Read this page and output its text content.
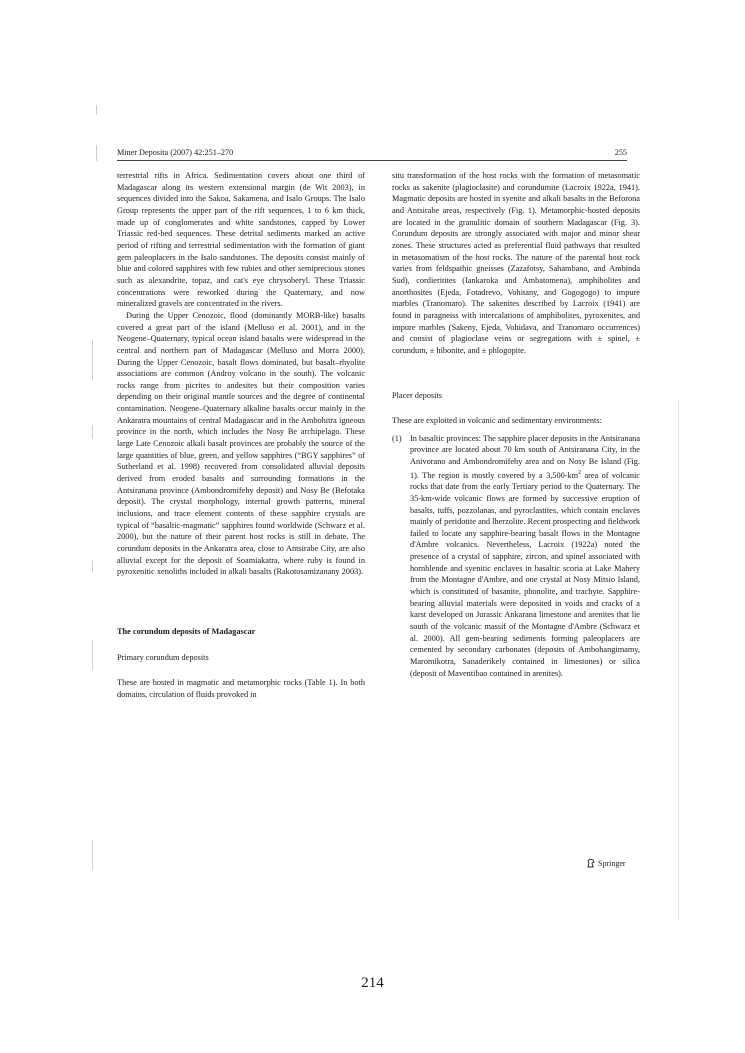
Miner Deposita (2007) 42:251–270	255

terrestrial rifts in Africa. Sedimentation covers about one third of Madagascar along its western extensional margin (de Wit 2003), in sequences divided into the Sakoa, Sakamena, and Isalo Groups. The Isalo Group represents the upper part of the rift sequences, 1 to 6 km thick, made up of conglomerates and white sandstones, capped by Lower Triassic red-bed sequences. These detrital sediments marked an active period of rifting and terrestrial sedimentation with the formation of giant gem paleoplacers in the Isalo sandstones. The deposits consist mainly of blue and colored sapphires with few rubies and other semiprecious stones such as alexandrite, topaz, and cat's eye chrysoberyl. These Triassic concentrations were reworked during the Quaternary, and now mineralized gravels are concentrated in the rivers.

During the Upper Cenozoic, flood (dominantly MORB-like) basalts covered a great part of the island (Melluso et al. 2001), and in the Neogene–Quaternary, typical ocean island basalts were widespread in the central and northern part of Madagascar (Melluso and Morra 2000). During the Upper Cenozoic, basalt flows dominated, but basalt–rhyolite associations are common (Androy volcano in the south). The volcanic rocks range from picrites to andesites but their composition varies depending on their original mantle sources and the degree of continental contamination. Neogene–Quaternary alkaline basalts occur mainly in the Ankaratra mountains of central Madagascar and in the Ambohitra igneous province in the north, which includes the Nosy Be archipelago. These large Late Cenozoic alkali basalt provinces are probably the source of the large quantities of blue, green, and yellow sapphires (“BGY sapphires” of Sutherland et al. 1998) recovered from consolidated alluvial deposits derived from eroded basalts and surrounding formations in the Antsiranana province (Ambondromifehy deposit) and Nosy Be (Befotaka deposit). The crystal morphology, internal growth patterns, mineral inclusions, and trace element contents of these sapphire crystals are typical of “basaltic-magmatic” sapphires found worldwide (Schwarz et al. 2000), but the nature of their parent host rocks is still in debate. The corundum deposits in the Ankaratra area, close to Antsirabe City, are also alluvial except for the deposit of Soamiakatra, where ruby is found in pyroxenitic xenoliths included in alkali basalts (Rakotosamizanany 2003).

The corundum deposits of Madagascar

Primary corundum deposits

These are hosted in magmatic and metamorphic rocks (Table 1). In both domains, circulation of fluids provoked in

situ transformation of the host rocks with the formation of metasomatic rocks as sakenite (plagioclasite) and corundumite (Lacroix 1922a, 1941). Magmatic deposits are hosted in syenite and alkali basalts in the Beforona and Antsirabe areas, respectively (Fig. 1). Metamorphic-hosted deposits are located in the granulitic domain of southern Madagascar (Fig. 3). Corundum deposits are strongly associated with major and minor shear zones. These structures acted as preferential fluid pathways that resulted in metasomatism of the host rocks. The nature of the parental host rock varies from feldspathic gneisses (Zazafotsy, Sahambano, and Ambinda Sud), cordieritites (Iankaroka and Ambatomena), amphibolites and anorthosites (Ejeda, Fotadrevo, Vohitany, and Gogogogo) to impure marbles (Tranomaro). The sakenites described by Lacroix (1941) are found in paragneiss with intercalations of amphibolites, pyroxenites, and impure marbles (Sakeny, Ejeda, Vohidava, and Tranomaro occurrences) and consist of plagioclase veins or segregations with ± spinel, ± corundum, ± hibonite, and ± phlogopite.

Placer deposits

These are exploited in volcanic and sedimentary environments:

(1)	In basaltic provinces: The sapphire placer deposits in the Antsiranana province are located about 70 km south of Antsiranana City, in the Anivorano and Ambondromifehy area and on Nosy Be Island (Fig. 1). The region is mostly covered by a $3,500-km^2$ area of volcanic rocks that date from the early Tertiary period to the Quaternary. The 35-km-wide volcanic flows are formed by successive eruption of basalts, tuffs, pozzolanas, and pyroclastites, which contain enclaves mainly of peridotite and lherzolite. Recent prospecting and fieldwork failed to locate any sapphire-bearing basalt flows in the Montagne d'Ambre volcanics. Nevertheless, Lacroix (1922a) noted the presence of a crystal of sapphire, zircon, and spinel associated with hornblende and syenitic enclaves in basaltic scoria at Lake Mahery from the Montagne d'Ambre, and one crystal at Nosy Mitsio Island, which is constituted of basanite, phonolite, and trachyte. Sapphire-bearing alluvial materials were deposited in voids and cracks of a karst developed on Jurassic Ankarana limestone and arenites that lie south of the volcanic massif of the Montagne d'Ambre (Schwarz et al. 2000). All gem-bearing sediments forming paleoplacers are cemented by secondary carbonates (deposits of Ambohangimamy, Maromikotra, Sanaderikely contained in limestones) or silica (deposit of Maventibao contained in arenites).
Springer
214
